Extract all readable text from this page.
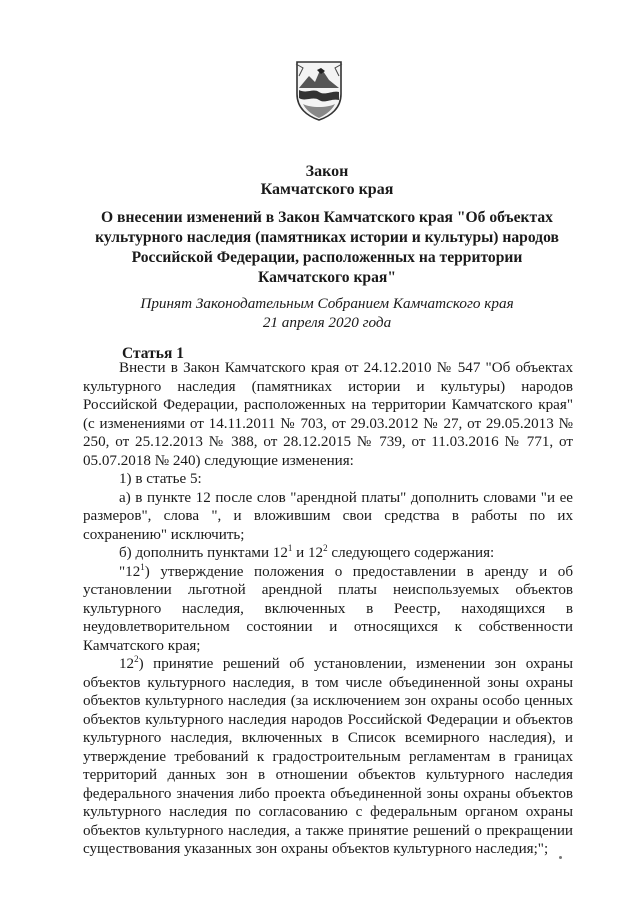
Закон
Камчатского края
О внесении изменений в Закон Камчатского края "Об объектах
культурного наследия (памятниках истории и культуры) народов
Российской Федерации, расположенных на территории
Камчатского края"
Принят Законодательным Собранием Камчатского края
21 апреля 2020 года
Статья 1

Внести в Закон Камчатского края от 24.12.2010 № 547 "Об объектах культурного наследия (памятниках истории и культуры) народов Российской Федерации, расположенных на территории Камчатского края" (с изменениями от 14.11.2011 № 703, от 29.03.2012 № 27, от 29.05.2013 № 250, от 25.12.2013 № 388, от 28.12.2015 № 739, от 11.03.2016 № 771, от 05.07.2018 № 240) следующие изменения:

1) в статье 5:

а) в пункте 12 после слов "арендной платы" дополнить словами "и ее размеров", слова ", и вложившим свои средства в работы по их сохранению" исключить;

б) дополнить пунктами $12^1$ и $12^2$ следующего содержания:

"$12^1$) утверждение положения о предоставлении в аренду и об установлении льготной арендной платы неиспользуемых объектов культурного наследия, включенных в Реестр, находящихся в неудовлетворительном состоянии и относящихся к собственности Камчатского края;

$12^2$) принятие решений об установлении, изменении зон охраны объектов культурного наследия, в том числе объединенной зоны охраны объектов культурного наследия (за исключением зон охраны особо ценных объектов культурного наследия народов Российской Федерации и объектов культурного наследия, включенных в Список всемирного наследия), и утверждение требований к градостроительным регламентам в границах территорий данных зон в отношении объектов культурного наследия федерального значения либо проекта объединенной зоны охраны объектов культурного наследия по согласованию с федеральным органом охраны объектов культурного наследия, а также принятие решений о прекращении существования указанных зон охраны объектов культурного наследия;";
